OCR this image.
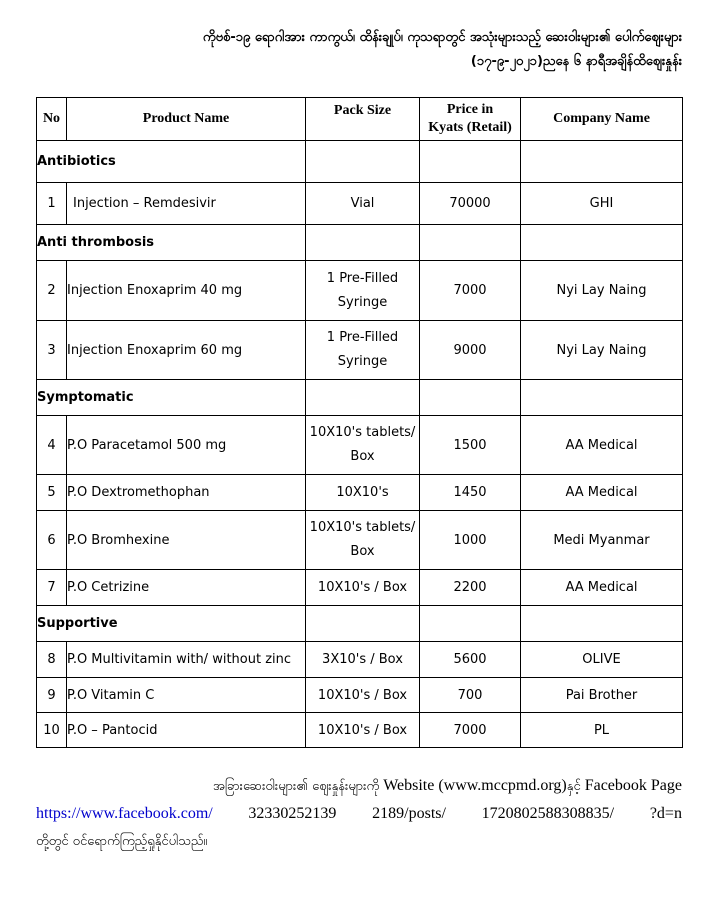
ကိုဗစ်-၁၉ ရောဂါအား ကာကွယ်၊ ထိန်းချုပ်၊ ကုသရာတွင် အသုံးများသည့် ဆေးဝါးများ၏ ပေါက်ဈေးများ
(၁၇-၉-၂၀၂၁)ညနေ ၆ နာရီအချိန်ထိဈေးနှုန်း
No	Product Name	Pack Size	Price in
Kyats (Retail)	Company Name
Antibiotics				
1	Injection – Remdesivir	Vial	70000	GHI
Anti thrombosis				
2	Injection Enoxaprim 40 mg	1 Pre-Filled
Syringe	7000	Nyi Lay Naing
3	Injection Enoxaprim 60 mg	1 Pre-Filled
Syringe	9000	Nyi Lay Naing
Symptomatic				
4	P.O Paracetamol 500 mg	10X10's tablets/
Box	1500	AA Medical
5	P.O Dextromethophan	10X10's	1450	AA Medical
6	P.O Bromhexine	10X10's tablets/
Box	1000	Medi Myanmar
7	P.O Cetrizine	10X10's / Box	2200	AA Medical
Supportive				
8	P.O Multivitamin with/ without zinc	3X10's / Box	5600	OLIVE
9	P.O Vitamin C	10X10's / Box	700	Pai Brother
10	P.O – Pantocid	10X10's / Box	7000	PL
အခြားဆေးဝါးများ၏ ဈေးနှုန်းများကို Website (www.mccpmd.org)နှင့် Facebook Page
https://www.facebook.com/ 32330252139 2189/posts/ 1720802588308835/ ?d=n
တို့တွင် ဝင်ရောက်ကြည့်ရှုနိုင်ပါသည်။
